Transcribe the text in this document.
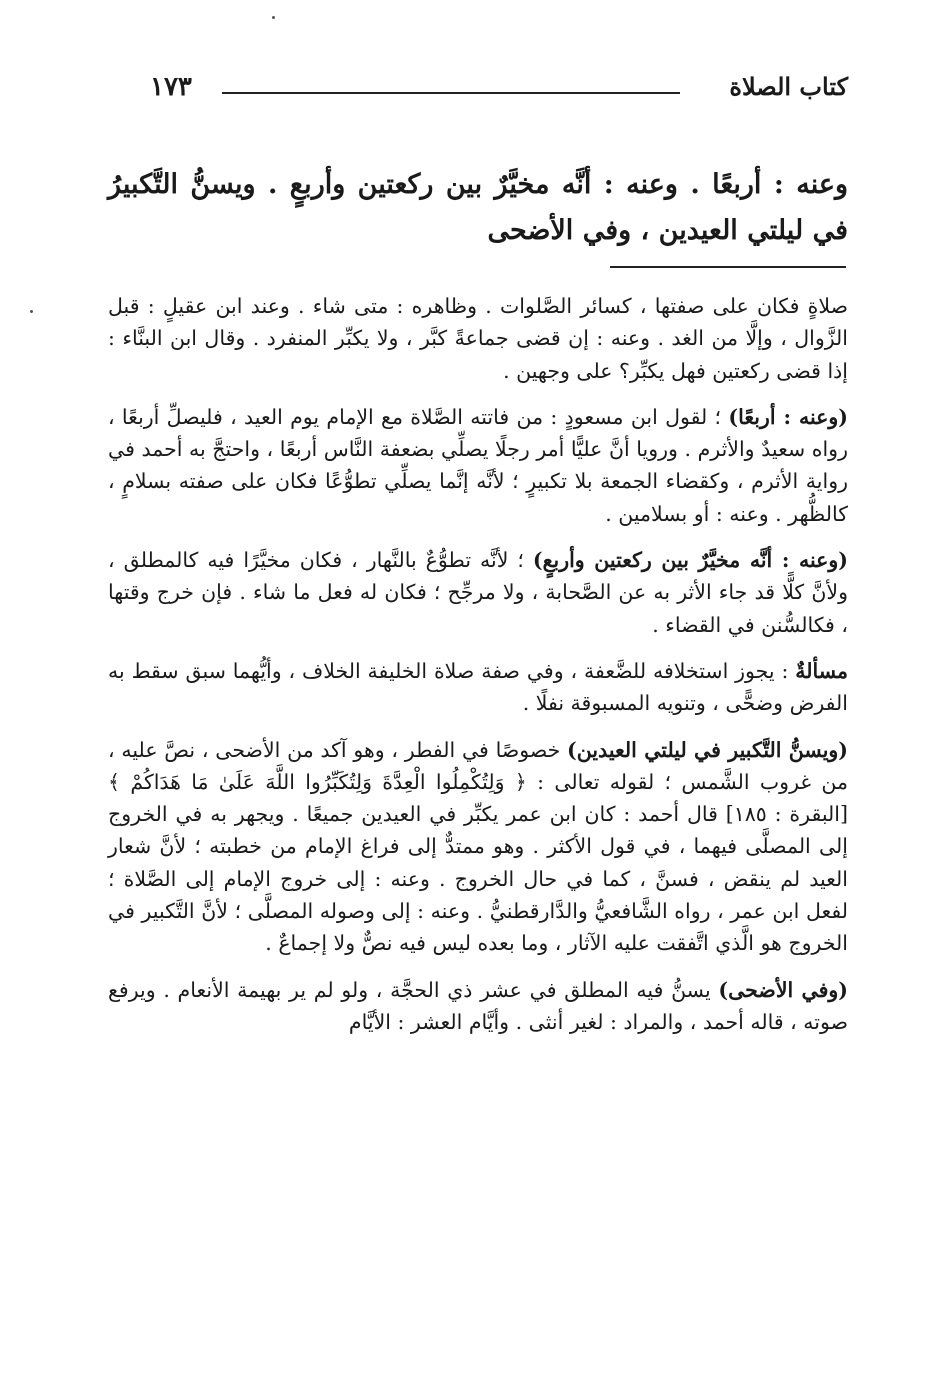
١٧٣	كتاب الصلاة
وعنه : أربعًا . وعنه : أنَّه مخيَّرٌ بين ركعتين وأربعٍ . ويسنُّ التَّكبيرُ في ليلتي العيدين ، وفي الأضحى

صلاةٍ فكان على صفتها ، كسائر الصَّلوات . وظاهره : متى شاء . وعند ابن عقيلٍ : قبل الزَّوال ، وإلَّا من الغد . وعنه : إن قضى جماعةً كبَّر ، ولا يكبِّر المنفرد . وقال ابن البنَّاء : إذا قضى ركعتين فهل يكبِّر؟ على وجهين .

(وعنه : أربعًا) ؛ لقول ابن مسعودٍ : من فاتته الصَّلاة مع الإمام يوم العيد ، فليصلِّ أربعًا ، رواه سعيدٌ والأثرم . ورويا أنَّ عليًّا أمر رجلًا يصلِّي بضعفة النَّاس أربعًا ، واحتجَّ به أحمد في رواية الأثرم ، وكقضاء الجمعة بلا تكبيرٍ ؛ لأنَّه إنَّما يصلِّي تطوُّعًا فكان على صفته بسلامٍ ، كالظُّهر . وعنه : أو بسلامين .

(وعنه : أنَّه مخيَّرٌ بين ركعتين وأربعٍ) ؛ لأنَّه تطوُّعٌ بالنَّهار ، فكان مخيَّرًا فيه كالمطلق ، ولأنَّ كلًّا قد جاء الأثر به عن الصَّحابة ، ولا مرجِّح ؛ فكان له فعل ما شاء . فإن خرج وقتها ، فكالسُّنن في القضاء .

مسألةٌ : يجوز استخلافه للضَّعفة ، وفي صفة صلاة الخليفة الخلاف ، وأيُّهما سبق سقط به الفرض وضحًّى ، وتنويه المسبوقة نفلًا .

(ويسنُّ التَّكبير في ليلتي العيدين) خصوصًا في الفطر ، وهو آكد من الأضحى ، نصَّ عليه ، من غروب الشَّمس ؛ لقوله تعالى : ﴿ وَلِتُكْمِلُوا الْعِدَّةَ وَلِتُكَبِّرُوا اللَّهَ عَلَىٰ مَا هَدَاكُمْ ﴾ [البقرة : ١٨٥] قال أحمد : كان ابن عمر يكبِّر في العيدين جميعًا . ويجهر به في الخروج إلى المصلَّى فيهما ، في قول الأكثر . وهو ممتدٌّ إلى فراغ الإمام من خطبته ؛ لأنَّ شعار العيد لم ينقض ، فسنَّ ، كما في حال الخروج . وعنه : إلى خروج الإمام إلى الصَّلاة ؛ لفعل ابن عمر ، رواه الشَّافعيُّ والدَّارقطنيُّ . وعنه : إلى وصوله المصلَّى ؛ لأنَّ التَّكبير في الخروج هو الَّذي اتَّفقت عليه الآثار ، وما بعده ليس فيه نصٌّ ولا إجماعٌ .

(وفي الأضحى) يسنُّ فيه المطلق في عشر ذي الحجَّة ، ولو لم ير بهيمة الأنعام . ويرفع صوته ، قاله أحمد ، والمراد : لغير أنثى . وأيَّام العشر : الأيَّام
